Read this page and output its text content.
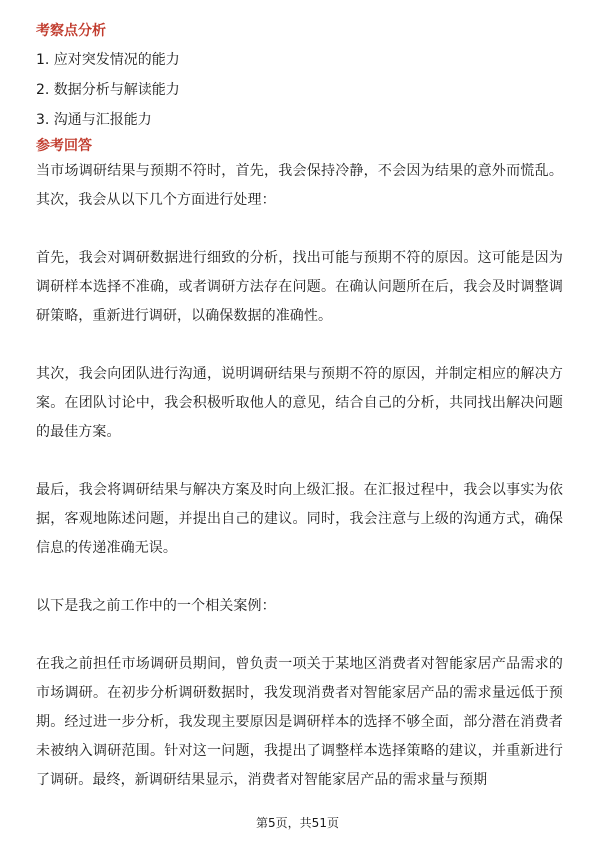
考察点分析
1. 应对突发情况的能力
2. 数据分析与解读能力
3. 沟通与汇报能力
参考回答

当市场调研结果与预期不符时，首先，我会保持冷静，不会因为结果的意外而慌乱。其次，我会从以下几个方面进行处理：

首先，我会对调研数据进行细致的分析，找出可能与预期不符的原因。这可能是因为调研样本选择不准确，或者调研方法存在问题。在确认问题所在后，我会及时调整调研策略，重新进行调研，以确保数据的准确性。

其次，我会向团队进行沟通，说明调研结果与预期不符的原因，并制定相应的解决方案。在团队讨论中，我会积极听取他人的意见，结合自己的分析，共同找出解决问题的最佳方案。

最后，我会将调研结果与解决方案及时向上级汇报。在汇报过程中，我会以事实为依据，客观地陈述问题，并提出自己的建议。同时，我会注意与上级的沟通方式，确保信息的传递准确无误。

以下是我之前工作中的一个相关案例：

在我之前担任市场调研员期间，曾负责一项关于某地区消费者对智能家居产品需求的市场调研。在初步分析调研数据时，我发现消费者对智能家居产品的需求量远低于预期。经过进一步分析，我发现主要原因是调研样本的选择不够全面，部分潜在消费者未被纳入调研范围。针对这一问题，我提出了调整样本选择策略的建议，并重新进行了调研。最终，新调研结果显示，消费者对智能家居产品的需求量与预期

第5页，共51页
